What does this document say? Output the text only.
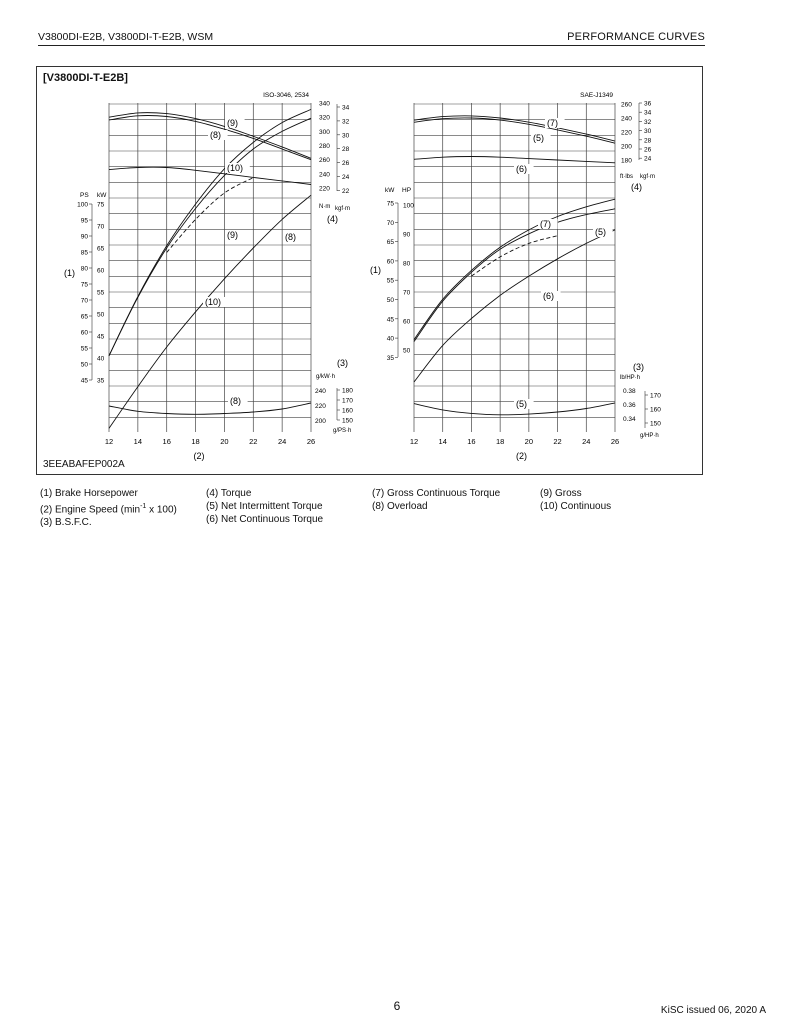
V3800DI-E2B, V3800DI-T-E2B, WSM	PERFORMANCE CURVES
[V3800DI-T-E2B]
3EEABAFEP002A
12	14	16	18	20	22	24	26
(2)
ISO-3046, 2534
340
320
300
280
260
240
220
34
32
30
28
26
24
22
N·m kgf·m
(4)
PS kW
100
95
90
85
80
75
70
65
60
55
50
45
75
70
65
60
55
50
45
40
35
(1)
(3)
g/kW·h
240
220
200
180
170
160
150
g/PS·h
(9)
(8)
(10)
(9)	(8)
(10)
(8)
12	14	16	18	20	22	24	26
(2)
SAE-J1349
260
240
220
200
180
36
34
32
30
28
26
24
ft·lbs kgf·m
(4)
kW HP
75
70
65
60
55
50
45
40
35
100
90
80
70
60
50
(1)
(3)
lb/HP·h
0.38
0.36
0.34
170
160
150
g/HP·h
(7)
(5)
(6)
(7)
(5)
(6)
(5)
(1) Brake Horsepower
(2) Engine Speed ($\min^{-1}$ x 100)
(3) B.S.F.C.
(4) Torque
(5) Net Intermittent Torque
(6) Net Continuous Torque
(7) Gross Continuous Torque
(8) Overload
(9) Gross
(10) Continuous
6	KiSC issued 06, 2020 A
